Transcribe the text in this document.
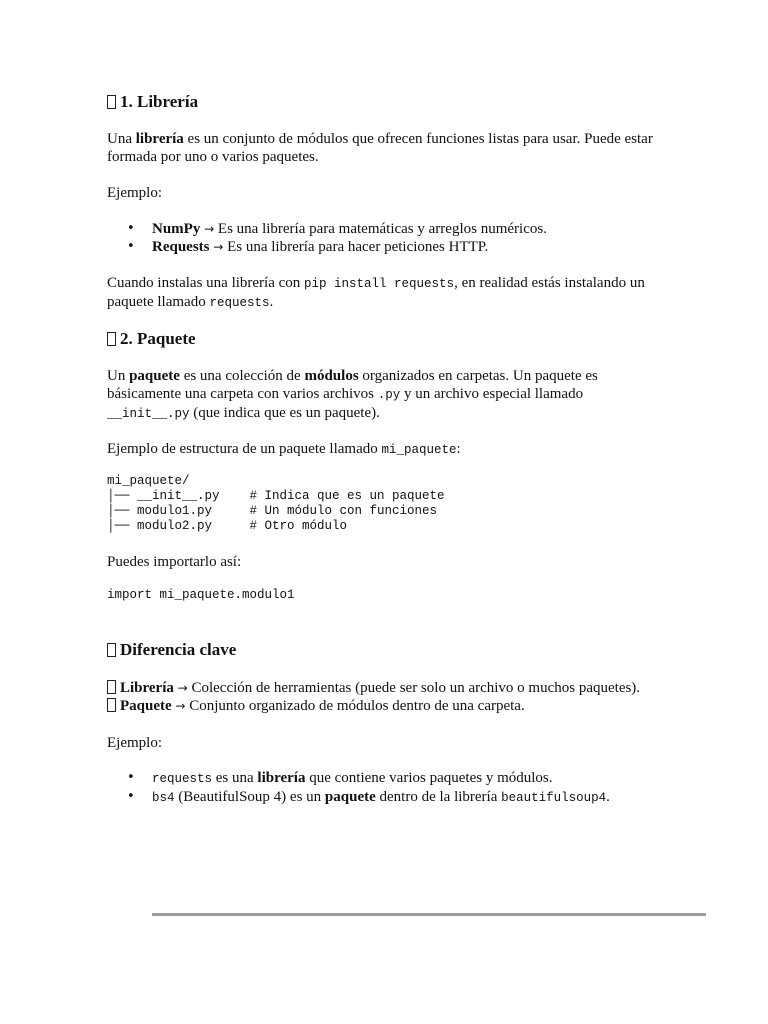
1. Librería

Una librería es un conjunto de módulos que ofrecen funciones listas para usar. Puede estar formada por uno o varios paquetes.

Ejemplo:

• NumPy → Es una librería para matemáticas y arreglos numéricos.
• Requests → Es una librería para hacer peticiones HTTP.

Cuando instalas una librería con pip install requests, en realidad estás instalando un paquete llamado requests.

2. Paquete

Un paquete es una colección de módulos organizados en carpetas. Un paquete es básicamente una carpeta con varios archivos .py y un archivo especial llamado __init__.py (que indica que es un paquete).

Ejemplo de estructura de un paquete llamado mi_paquete:

mi_paquete/
│── __init__.py    # Indica que es un paquete
│── modulo1.py     # Un módulo con funciones
│── modulo2.py     # Otro módulo

Puedes importarlo así:

import mi_paquete.modulo1
Diferencia clave

Librería → Colección de herramientas (puede ser solo un archivo o muchos paquetes).
Paquete → Conjunto organizado de módulos dentro de una carpeta.

Ejemplo:

• requests es una librería que contiene varios paquetes y módulos.
• bs4 (BeautifulSoup 4) es un paquete dentro de la librería beautifulsoup4.
